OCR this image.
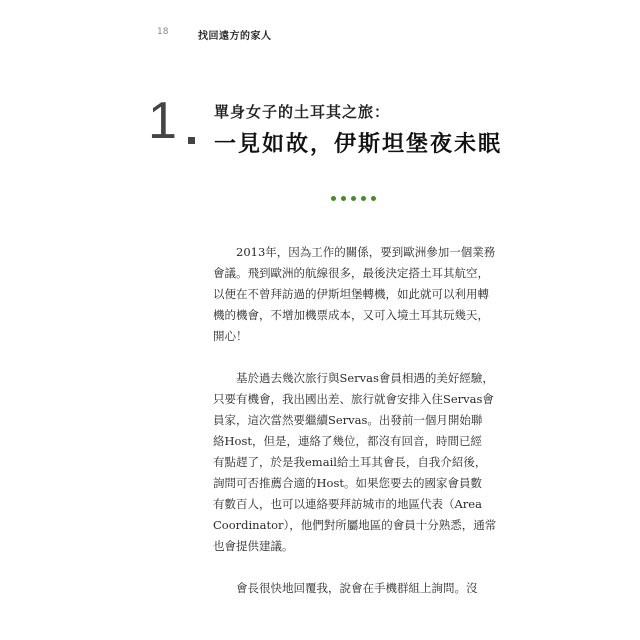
18	找回遠方的家人
1 單身女子的土耳其之旅：
一見如故，伊斯坦堡夜未眠
2013年，因為工作的關係，要到歐洲參加一個業務
會議。飛到歐洲的航線很多，最後決定搭土耳其航空，
以便在不曾拜訪過的伊斯坦堡轉機，如此就可以利用轉
機的機會，不增加機票成本，又可入境土耳其玩幾天，
開心！
基於過去幾次旅行與Servas會員相遇的美好經驗，
只要有機會，我出國出差、旅行就會安排入住Servas會
員家，這次當然要繼續Servas。出發前一個月開始聯
絡Host，但是，連絡了幾位，都沒有回音，時間已經
有點趕了，於是我email給土耳其會長，自我介紹後，
詢問可否推薦合適的Host。如果您要去的國家會員數
有數百人，也可以連絡要拜訪城市的地區代表（Area
Coordinator），他們對所屬地區的會員十分熟悉，通常
也會提供建議。
會長很快地回覆我，說會在手機群組上詢問。沒
